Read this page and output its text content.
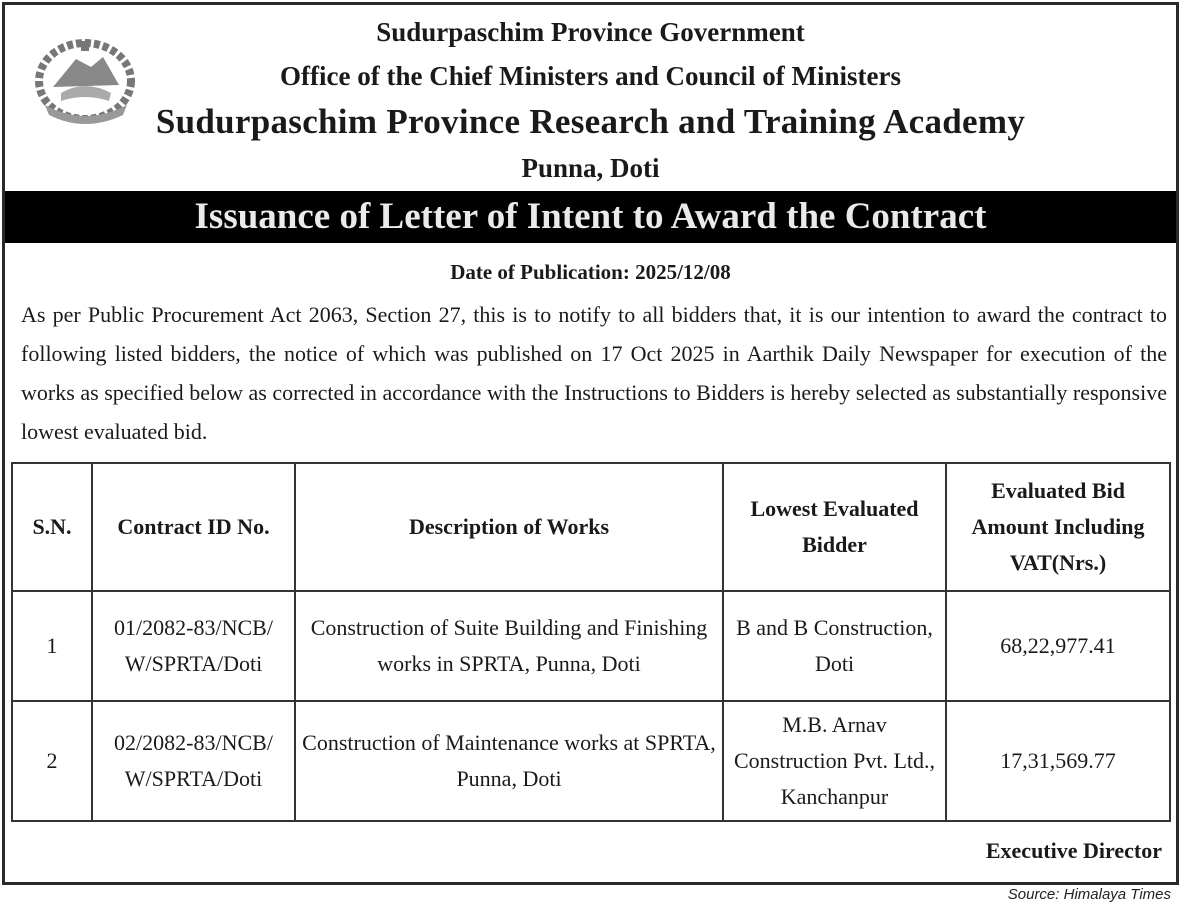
Sudurpaschim Province Government
Office of the Chief Ministers and Council of Ministers
Sudurpaschim Province Research and Training Academy
Punna, Doti
Issuance of Letter of Intent to Award the Contract
Date of Publication: 2025/12/08
As per Public Procurement Act 2063, Section 27, this is to notify to all bidders that, it is our intention to award the contract to following listed bidders, the notice of which was published on 17 Oct 2025 in Aarthik Daily Newspaper for execution of the works as specified below as corrected in accordance with the Instructions to Bidders is hereby selected as substantially responsive lowest evaluated bid.
S.N.	Contract ID No.	Description of Works	Lowest Evaluated Bidder	Evaluated Bid Amount Including VAT(Nrs.)
1	01/2082-83/NCB/ W/SPRTA/Doti	Construction of Suite Building and Finishing works in SPRTA, Punna, Doti	B and B Construction, Doti	68,22,977.41
2	02/2082-83/NCB/ W/SPRTA/Doti	Construction of Maintenance works at SPRTA, Punna, Doti	M.B. Arnav Construction Pvt. Ltd., Kanchanpur	17,31,569.77
Executive Director
Source: Himalaya Times
